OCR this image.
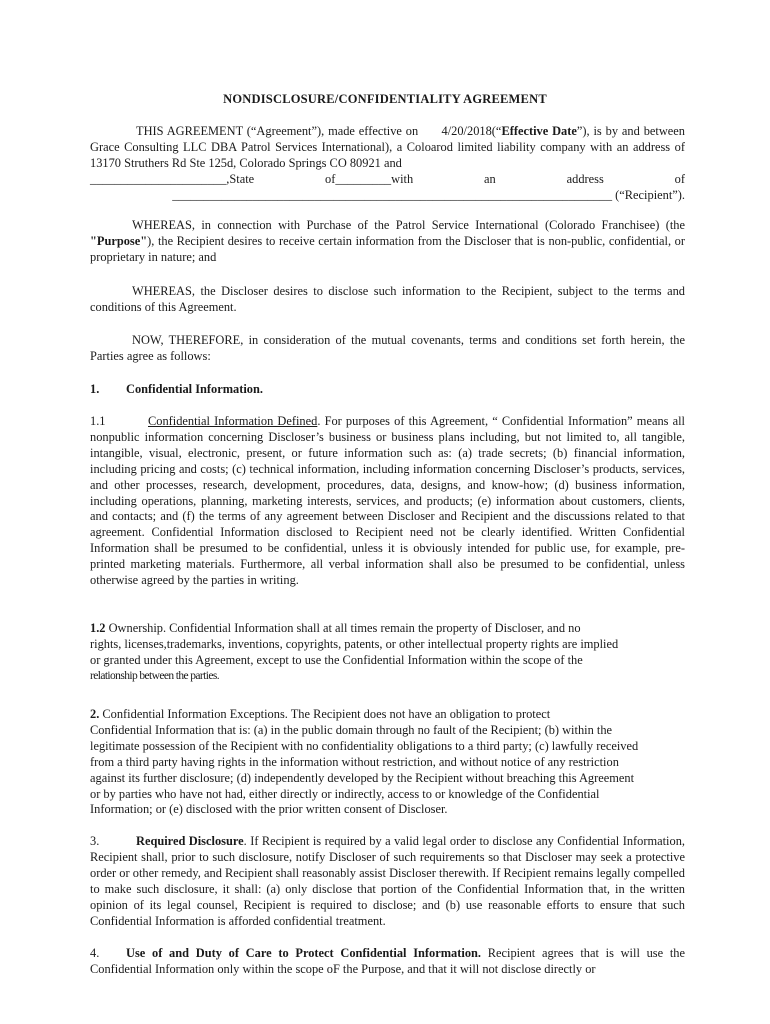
NONDISCLOSURE/CONFIDENTIALITY AGREEMENT

THIS AGREEMENT (“Agreement”), made effective on 4/20/2018(“Effective Date”), is by and between Grace Consulting LLC DBA Patrol Services International), a Coloarod limited liability company with an address of 13170 Struthers Rd Ste 125d, Colorado Springs CO 80921 and
______________________,State of_________with an address of
_______________________________________________________________________ (“Recipient”).

WHEREAS, in connection with Purchase of the Patrol Service International (Colorado Franchisee) (the "Purpose"), the Recipient desires to receive certain information from the Discloser that is non-public, confidential, or proprietary in nature; and

WHEREAS, the Discloser desires to disclose such information to the Recipient, subject to the terms and conditions of this Agreement.

NOW, THEREFORE, in consideration of the mutual covenants, terms and conditions set forth herein, the Parties agree as follows:

1. Confidential Information.

1.1	Confidential Information Defined. For purposes of this Agreement, “ Confidential Information” means all nonpublic information concerning Discloser’s business or business plans including, but not limited to, all tangible, intangible, visual, electronic, present, or future information such as: (a) trade secrets; (b) financial information, including pricing and costs; (c) technical information, including information concerning Discloser’s products, services, and other processes, research, development, procedures, data, designs, and know-how; (d) business information, including operations, planning, marketing interests, services, and products; (e) information about customers, clients, and contacts; and (f) the terms of any agreement between Discloser and Recipient and the discussions related to that agreement. Confidential Information disclosed to Recipient need not be clearly identified. Written Confidential Information shall be presumed to be confidential, unless it is obviously intended for public use, for example, pre-printed marketing materials. Furthermore, all verbal information shall also be presumed to be confidential, unless otherwise agreed by the parties in writing.

1.2 Ownership. Confidential Information shall at all times remain the property of Discloser, and no
rights, licenses,trademarks, inventions, copyrights, patents, or other intellectual property rights are implied
or granted under this Agreement, except to use the Confidential Information within the scope of the
relationship between the parties.

2. Confidential Information Exceptions. The Recipient does not have an obligation to protect
Confidential Information that is: (a) in the public domain through no fault of the Recipient; (b) within the
legitimate possession of the Recipient with no confidentiality obligations to a third party; (c) lawfully received
from a third party having rights in the information without restriction, and without notice of any restriction
against its further disclosure; (d) independently developed by the Recipient without breaching this Agreement
or by parties who have not had, either directly or indirectly, access to or knowledge of the Confidential
Information; or (e) disclosed with the prior written consent of Discloser.

3.	Required Disclosure. If Recipient is required by a valid legal order to disclose any Confidential Information, Recipient shall, prior to such disclosure, notify Discloser of such requirements so that Discloser may seek a protective order or other remedy, and Recipient shall reasonably assist Discloser therewith. If Recipient remains legally compelled to make such disclosure, it shall: (a) only disclose that portion of the Confidential Information that, in the written opinion of its legal counsel, Recipient is required to disclose; and (b) use reasonable efforts to ensure that such Confidential Information is afforded confidential treatment.

4. Use of and Duty of Care to Protect Confidential Information. Recipient agrees that is will use the Confidential Information only within the scope oF the Purpose, and that it will not disclose directly or
